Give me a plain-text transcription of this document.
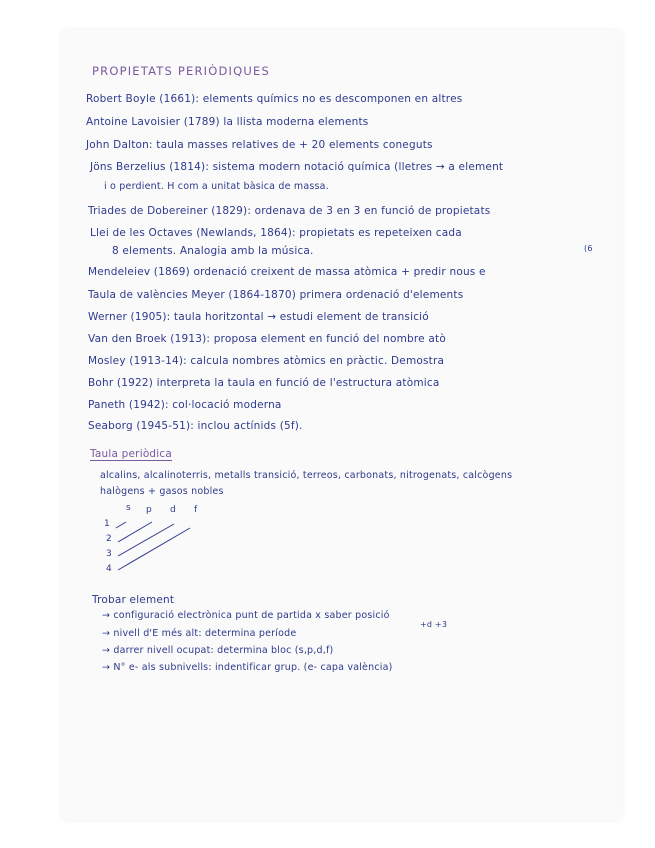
PROPIETATS PERIÒDIQUES
Robert Boyle (1661): elements químics no es descomponen en altres
Antoine Lavoisier (1789) la llista moderna elements
John Dalton: taula masses relatives de + 20 elements coneguts
Jöns Berzelius (1814): sistema modern notació química (lletres → a element
i o perdient. H com a unitat bàsica de massa.
Triades de Dobereiner (1829): ordenava de 3 en 3 en funció de propietats
Llei de les Octaves (Newlands, 1864): propietats es repeteixen cada
8 elements. Analogia amb la música.	(6
Mendeleiev (1869) ordenació creixent de massa atòmica + predir nous e
Taula de valències Meyer (1864-1870) primera ordenació d'elements
Werner (1905): taula horitzontal → estudi element de transició
Van den Broek (1913): proposa element en funció del nombre atò
Mosley (1913-14): calcula nombres atòmics en pràctic. Demostra
Bohr (1922) interpreta la taula en funció de l'estructura atòmica
Paneth (1942): col·locació moderna
Seaborg (1945-51): inclou actínids (5f).
Taula periòdica
alcalins, alcalinoterris, metalls transició, terreos, carbonats, nitrogenats, calcògens
halògens + gasos nobles
s p d f
1
2
3
4
Trobar element
→ configuració electrònica punt de partida x saber posició
→ nivell d'E més alt: determina període
+d +3
→ darrer nivell ocupat: determina bloc (s,p,d,f)
→ N° e- als subnivells: indentificar grup. (e- capa valència)
